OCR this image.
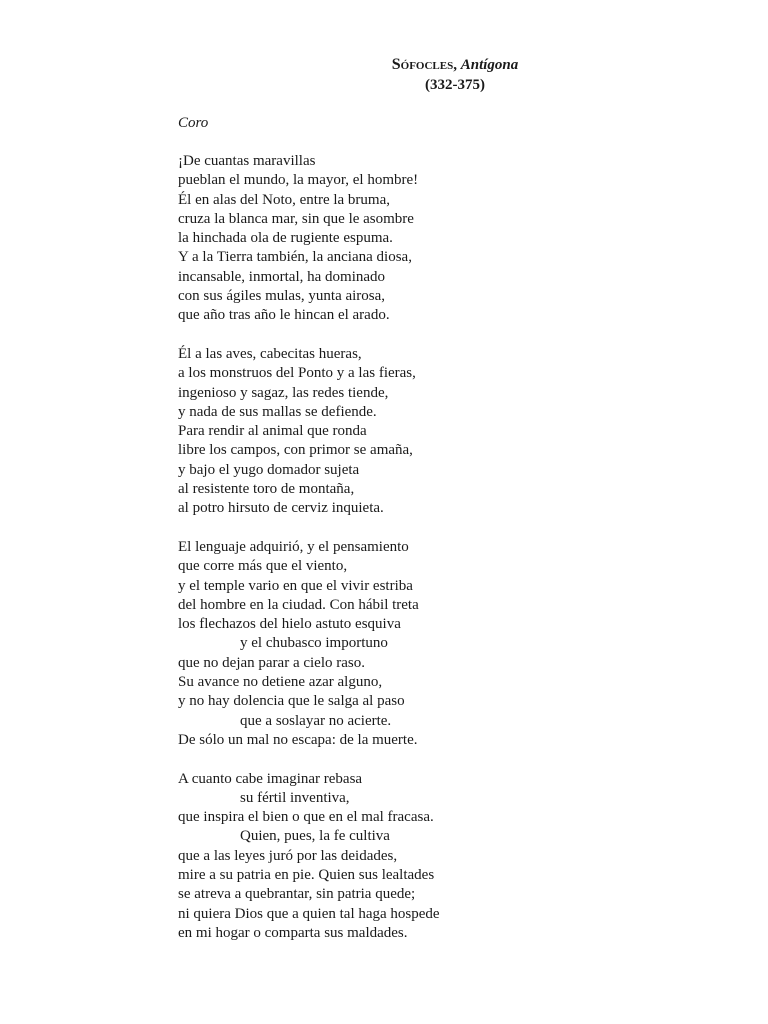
Sófocles, Antígona
(332-375)
Coro
¡De cuantas maravillas
pueblan el mundo, la mayor, el hombre!
Él en alas del Noto, entre la bruma,
cruza la blanca mar, sin que le asombre
la hinchada ola de rugiente espuma.
Y a la Tierra también, la anciana diosa,
incansable, inmortal, ha dominado
con sus ágiles mulas, yunta airosa,
que año tras año le hincan el arado.
Él a las aves, cabecitas hueras,
a los monstruos del Ponto y a las fieras,
ingenioso y sagaz, las redes tiende,
y nada de sus mallas se defiende.
Para rendir al animal que ronda
libre los campos, con primor se amaña,
y bajo el yugo domador sujeta
al resistente toro de montaña,
al potro hirsuto de cerviz inquieta.
El lenguaje adquirió, y el pensamiento
que corre más que el viento,
y el temple vario en que el vivir estriba
del hombre en la ciudad. Con hábil treta
los flechazos del hielo astuto esquiva
y el chubasco importuno
que no dejan parar a cielo raso.
Su avance no detiene azar alguno,
y no hay dolencia que le salga al paso
que a soslayar no acierte.
De sólo un mal no escapa: de la muerte.
A cuanto cabe imaginar rebasa
su fértil inventiva,
que inspira el bien o que en el mal fracasa.
Quien, pues, la fe cultiva
que a las leyes juró por las deidades,
mire a su patria en pie. Quien sus lealtades
se atreva a quebrantar, sin patria quede;
ni quiera Dios que a quien tal haga hospede
en mi hogar o comparta sus maldades.
